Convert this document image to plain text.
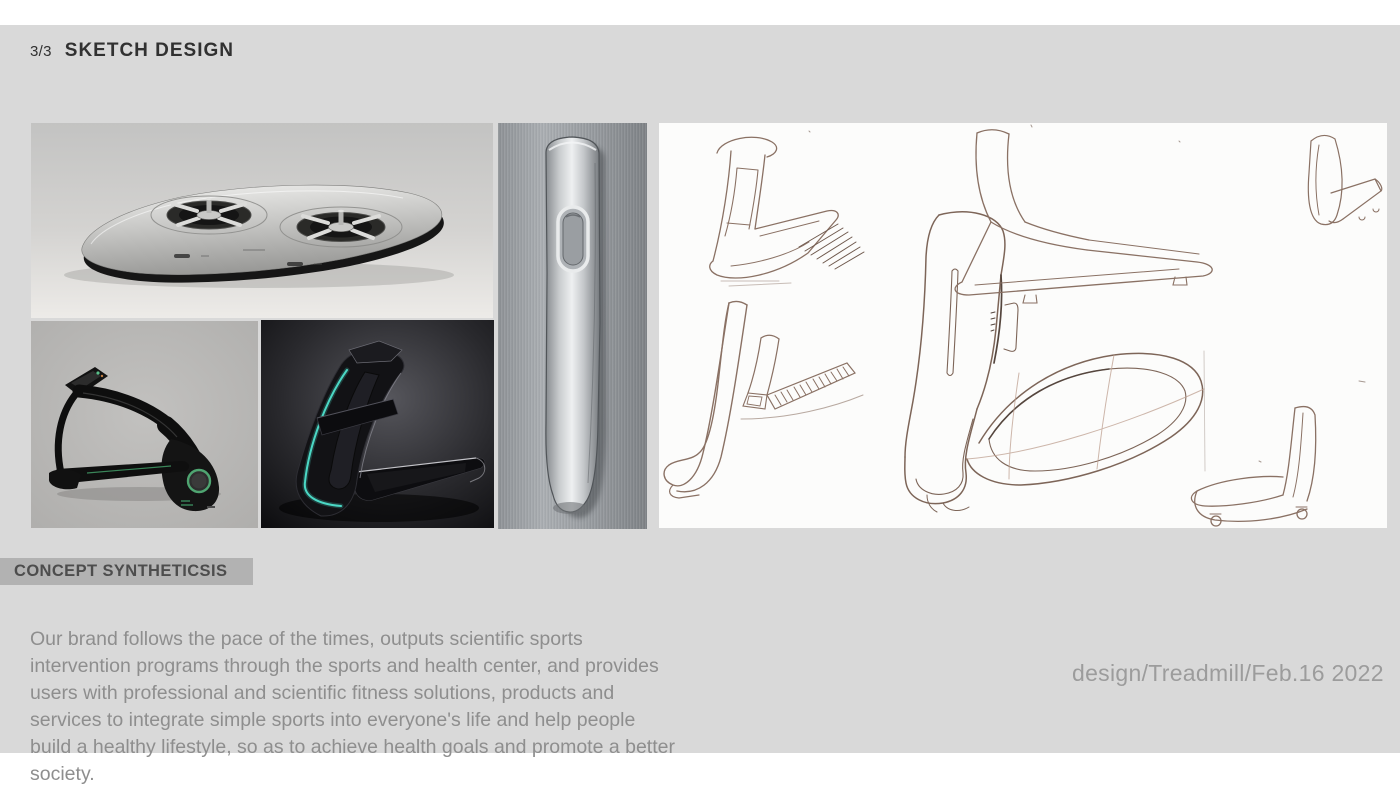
3/3 SKETCH DESIGN
CONCEPT SYNTHETICSIS

Our brand follows the pace of the times, outputs scientific sports intervention programs through the sports and health center, and provides users with professional and scientific fitness solutions, products and services to integrate simple sports into everyone's life and help people build a healthy lifestyle, so as to achieve health goals and promote a better society.

design/Treadmill/Feb.16 2022
